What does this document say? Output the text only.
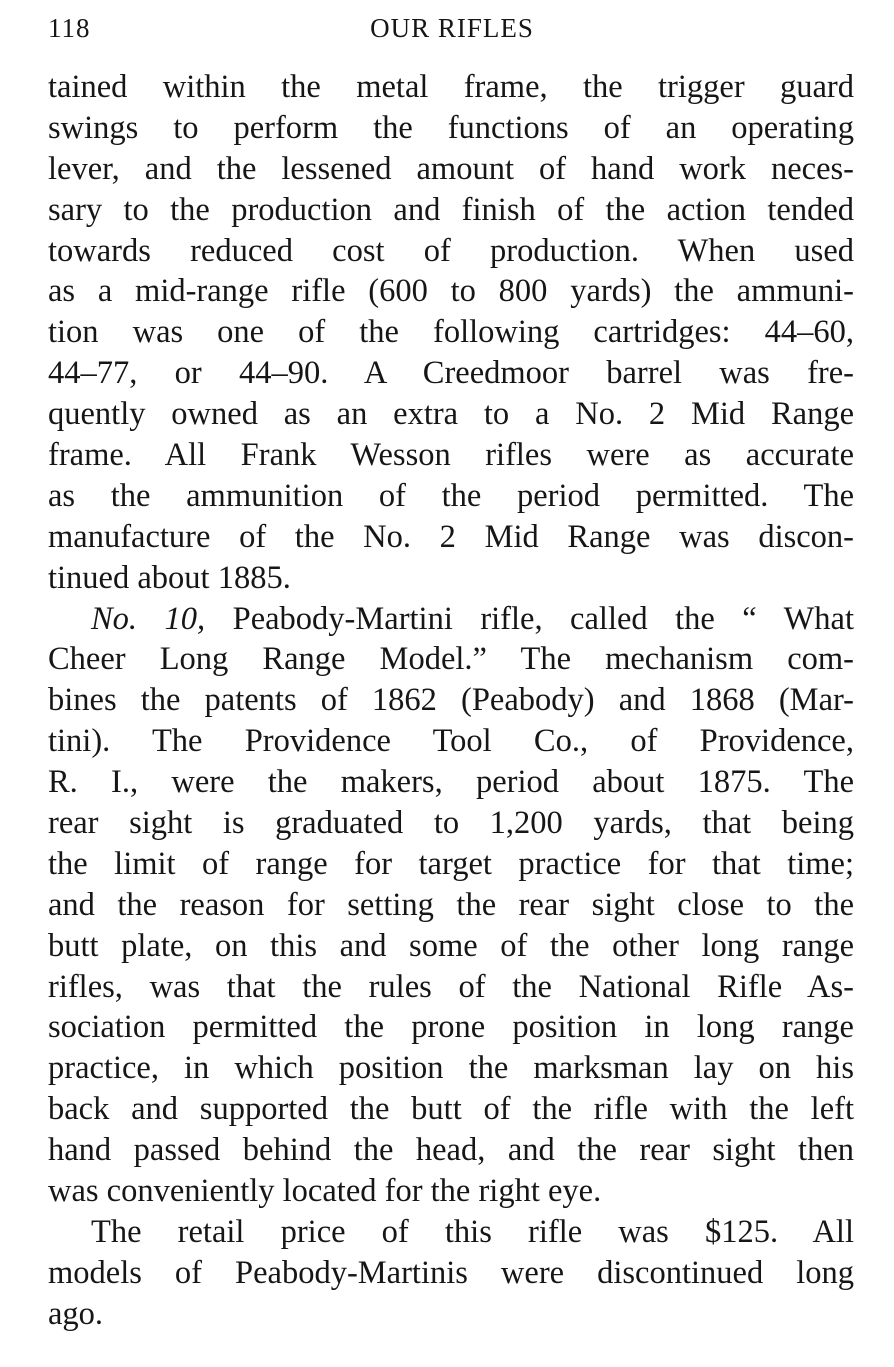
118	OUR RIFLES
tained within the metal frame, the trigger guard
swings to perform the functions of an operating
lever, and the lessened amount of hand work neces-
sary to the production and finish of the action tended
towards reduced cost of production. When used
as a mid-range rifle (600 to 800 yards) the ammuni-
tion was one of the following cartridges: 44–60,
44–77, or 44–90. A Creedmoor barrel was fre-
quently owned as an extra to a No. 2 Mid Range
frame. All Frank Wesson rifles were as accurate
as the ammunition of the period permitted. The
manufacture of the No. 2 Mid Range was discon-
tinued about 1885.
No. 10, Peabody-Martini rifle, called the “ What
Cheer Long Range Model.” The mechanism com-
bines the patents of 1862 (Peabody) and 1868 (Mar-
tini). The Providence Tool Co., of Providence,
R. I., were the makers, period about 1875. The
rear sight is graduated to 1,200 yards, that being
the limit of range for target practice for that time;
and the reason for setting the rear sight close to the
butt plate, on this and some of the other long range
rifles, was that the rules of the National Rifle As-
sociation permitted the prone position in long range
practice, in which position the marksman lay on his
back and supported the butt of the rifle with the left
hand passed behind the head, and the rear sight then
was conveniently located for the right eye.
The retail price of this rifle was $125. All
models of Peabody-Martinis were discontinued long
ago.
